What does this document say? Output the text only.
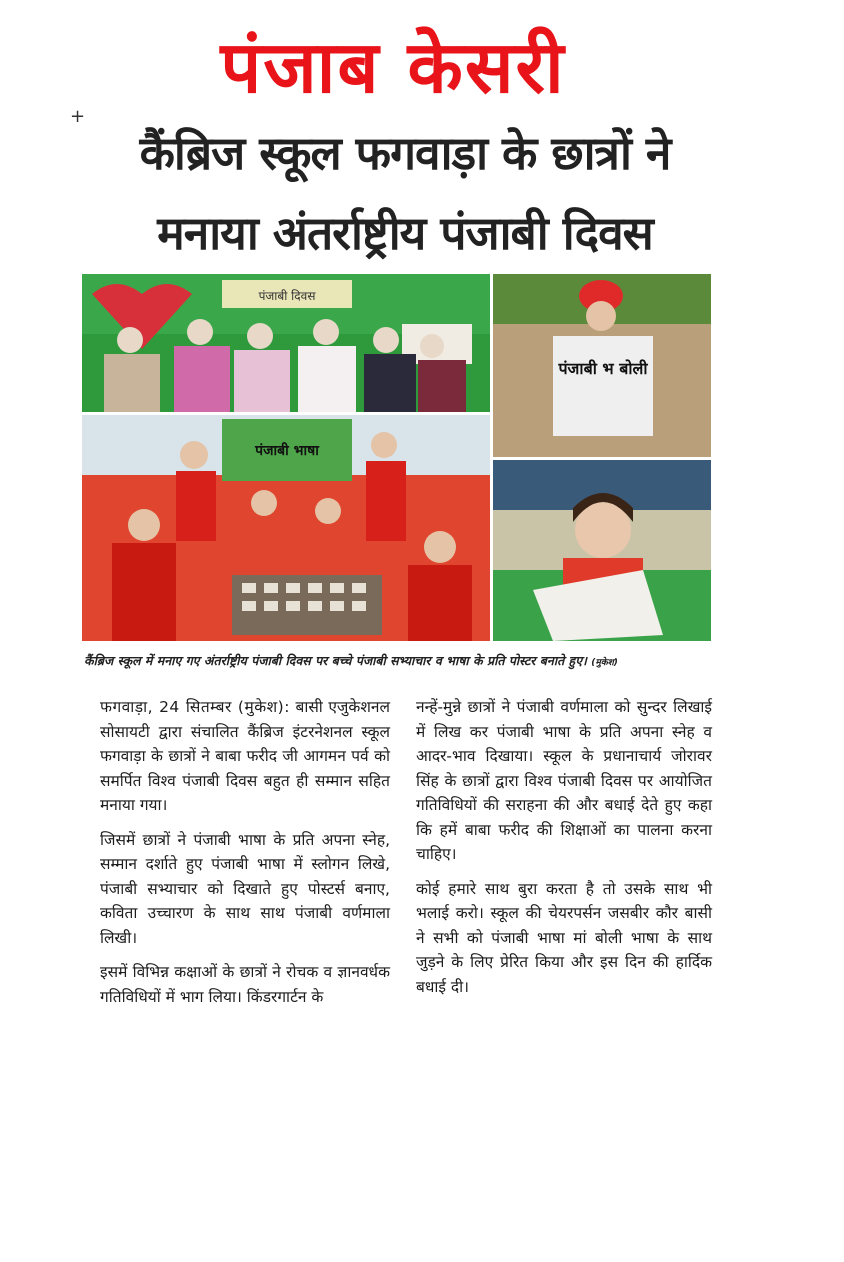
पंजाब केसरी
+
कैंब्रिज स्कूल फगवाड़ा के छात्रों ने
मनाया अंतर्राष्ट्रीय पंजाबी दिवस
पंजाबी दिवस
पंजाबी भ बोली
पंजाबी भाषा
कैंब्रिज स्कूल में मनाए गए अंतर्राष्ट्रीय पंजाबी दिवस पर बच्चे पंजाबी सभ्याचार व भाषा के प्रति पोस्टर बनाते हुए। (मुकेश)

फगवाड़ा, 24 सितम्बर (मुकेश): बासी एजुकेशनल सोसायटी द्वारा संचालित कैंब्रिज इंटरनेशनल स्कूल फगवाड़ा के छात्रों ने बाबा फरीद जी आगमन पर्व को समर्पित विश्व पंजाबी दिवस बहुत ही सम्मान सहित मनाया गया।

जिसमें छात्रों ने पंजाबी भाषा के प्रति अपना स्नेह, सम्मान दर्शाते हुए पंजाबी भाषा में स्लोगन लिखे, पंजाबी सभ्याचार को दिखाते हुए पोस्टर्स बनाए, कविता उच्चारण के साथ साथ पंजाबी वर्णमाला लिखी।

इसमें विभिन्न कक्षाओं के छात्रों ने रोचक व ज्ञानवर्धक गतिविधियों में भाग लिया। किंडरगार्टन के

नन्हें-मुन्ने छात्रों ने पंजाबी वर्णमाला को सुन्दर लिखाई में लिख कर पंजाबी भाषा के प्रति अपना स्नेह व आदर-भाव दिखाया। स्कूल के प्रधानाचार्य जोरावर सिंह के छात्रों द्वारा विश्व पंजाबी दिवस पर आयोजित गतिविधियों की सराहना की और बधाई देते हुए कहा कि हमें बाबा फरीद की शिक्षाओं का पालना करना चाहिए।

कोई हमारे साथ बुरा करता है तो उसके साथ भी भलाई करो। स्कूल की चेयरपर्सन जसबीर कौर बासी ने सभी को पंजाबी भाषा मां बोली भाषा के साथ जुड़ने के लिए प्रेरित किया और इस दिन की हार्दिक बधाई दी।
